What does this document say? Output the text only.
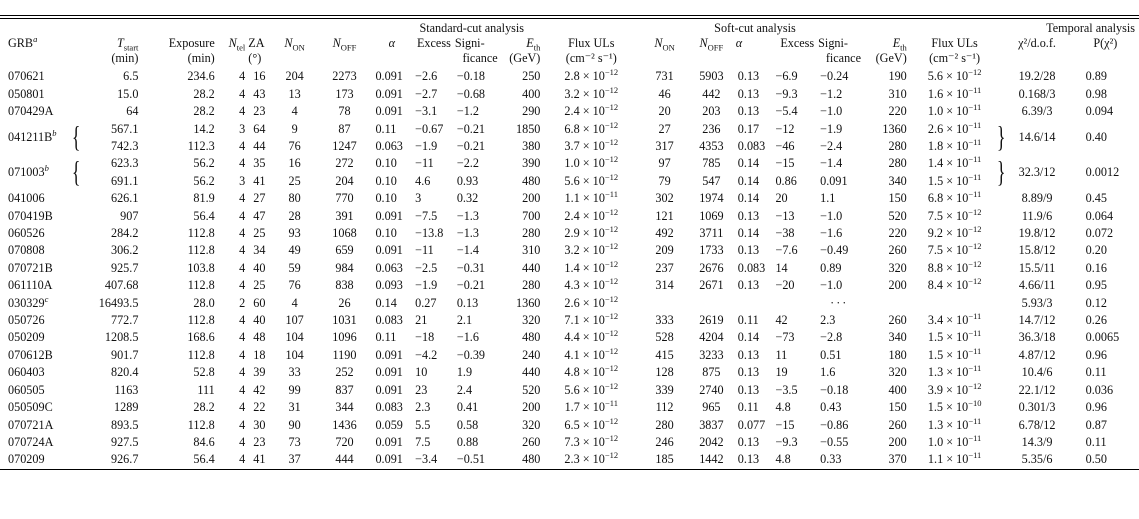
							Standard-cut analysis					Soft-cut analysis							Temporal analysis	
GRB$^a$	$T_{start}$	Exposure	$N_{tel}$	ZA	$N_{ON}$	$N_{OFF}$	α	Excess	Signi-	$E_{th}$	Flux ULs	$N_{ON}$	$N_{OFF}$	α	Excess	Signi-	$E_{th}$	Flux ULs	χ²/d.o.f.	P(χ²)
	(min)	(min)		(°)					ficance	(GeV)	(cm⁻² s⁻¹)					ficance	(GeV)	(cm⁻² s⁻¹)		
070621	6.5	234.6	4	16	204	2273	0.091	−2.6	−0.18	250	$2.8 \times 10^{-12}$	731	5903	0.13	−6.9	−0.24	190	$5.6 \times 10^{-12}$	19.2/28	0.89
050801	15.0	28.2	4	43	13	173	0.091	−2.7	−0.68	400	$3.2 \times 10^{-12}$	46	442	0.13	−9.3	−1.2	310	$1.6 \times 10^{-11}$	0.168/3	0.98
070429A	64	28.2	4	23	4	78	0.091	−3.1	−1.2	290	$2.4 \times 10^{-12}$	20	203	0.13	−5.4	−1.0	220	$1.0 \times 10^{-11}$	6.39/3	0.094
$041211B^b$ {	567.1	14.2	3	64	9	87	0.11	−0.67	−0.21	1850	$6.8 \times 10^{-12}$	27	236	0.17	−12	−1.9	1360	$2.6 \times 10^{-11}$	} 14.6/14	0.40
	742.3	112.3	4	44	76	1247	0.063	−1.9	−0.21	380	$3.7 \times 10^{-12}$	317	4353	0.083	−46	−2.4	280	$1.8 \times 10^{-11}$
071003$^b$ {	623.3	56.2	4	35	16	272	0.10	−11	−2.2	390	$1.0 \times 10^{-12}$	97	785	0.14	−15	−1.4	280	$1.4 \times 10^{-11}$	} 32.3/12	0.0012
	691.1	56.2	3	41	25	204	0.10	4.6	0.93	480	$5.6 \times 10^{-12}$	79	547	0.14	0.86	0.091	340	$1.5 \times 10^{-11}$
041006	626.1	81.9	4	27	80	770	0.10	3	0.32	200	$1.1 \times 10^{-11}$	302	1974	0.14	20	1.1	150	$6.8 \times 10^{-11}$	8.89/9	0.45
070419B	907	56.4	4	47	28	391	0.091	−7.5	−1.3	700	$2.4 \times 10^{-12}$	121	1069	0.13	−13	−1.0	520	$7.5 \times 10^{-12}$	11.9/6	0.064
060526	284.2	112.8	4	25	93	1068	0.10	−13.8	−1.3	280	$2.9 \times 10^{-12}$	492	3711	0.14	−38	−1.6	220	$9.2 \times 10^{-12}$	19.8/12	0.072
070808	306.2	112.8	4	34	49	659	0.091	−11	−1.4	310	$3.2 \times 10^{-12}$	209	1733	0.13	−7.6	−0.49	260	$7.5 \times 10^{-12}$	15.8/12	0.20
070721B	925.7	103.8	4	40	59	984	0.063	−2.5	−0.31	440	$1.4 \times 10^{-12}$	237	2676	0.083	14	0.89	320	$8.8 \times 10^{-12}$	15.5/11	0.16
061110A	407.68	112.8	4	25	76	838	0.093	−1.9	−0.21	280	$4.3 \times 10^{-12}$	314	2671	0.13	−20	−1.0	200	$8.4 \times 10^{-12}$	4.66/11	0.95
030329$^c$	16493.5	28.0	2	60	4	26	0.14	0.27	0.13	1360	$2.6 \times 10^{-12}$					···			5.93/3	0.12
050726	772.7	112.8	4	40	107	1031	0.083	21	2.1	320	$7.1 \times 10^{-12}$	333	2619	0.11	42	2.3	260	$3.4 \times 10^{-11}$	14.7/12	0.26
050209	1208.5	168.6	4	48	104	1096	0.11	−18	−1.6	480	$4.4 \times 10^{-12}$	528	4204	0.14	−73	−2.8	340	$1.5 \times 10^{-11}$	36.3/18	0.0065
070612B	901.7	112.8	4	18	104	1190	0.091	−4.2	−0.39	240	$4.1 \times 10^{-12}$	415	3233	0.13	11	0.51	180	$1.5 \times 10^{-11}$	4.87/12	0.96
060403	820.4	52.8	4	39	33	252	0.091	10	1.9	440	$4.8 \times 10^{-12}$	128	875	0.13	19	1.6	320	$1.3 \times 10^{-11}$	10.4/6	0.11
060505	1163	111	4	42	99	837	0.091	23	2.4	520	$5.6 \times 10^{-12}$	339	2740	0.13	−3.5	−0.18	400	$3.9 \times 10^{-12}$	22.1/12	0.036
050509C	1289	28.2	4	22	31	344	0.083	2.3	0.41	200	$1.7 \times 10^{-11}$	112	965	0.11	4.8	0.43	150	$1.5 \times 10^{-10}$	0.301/3	0.96
070721A	893.5	112.8	4	30	90	1436	0.059	5.5	0.58	320	$6.5 \times 10^{-12}$	280	3837	0.077	−15	−0.86	260	$1.3 \times 10^{-11}$	6.78/12	0.87
070724A	927.5	84.6	4	23	73	720	0.091	7.5	0.88	260	$7.3 \times 10^{-12}$	246	2042	0.13	−9.3	−0.55	200	$1.0 \times 10^{-11}$	14.3/9	0.11
070209	926.7	56.4	4	41	37	444	0.091	−3.4	−0.51	480	$2.3 \times 10^{-12}$	185	1442	0.13	4.8	0.33	370	$1.1 \times 10^{-11}$	5.35/6	0.50
